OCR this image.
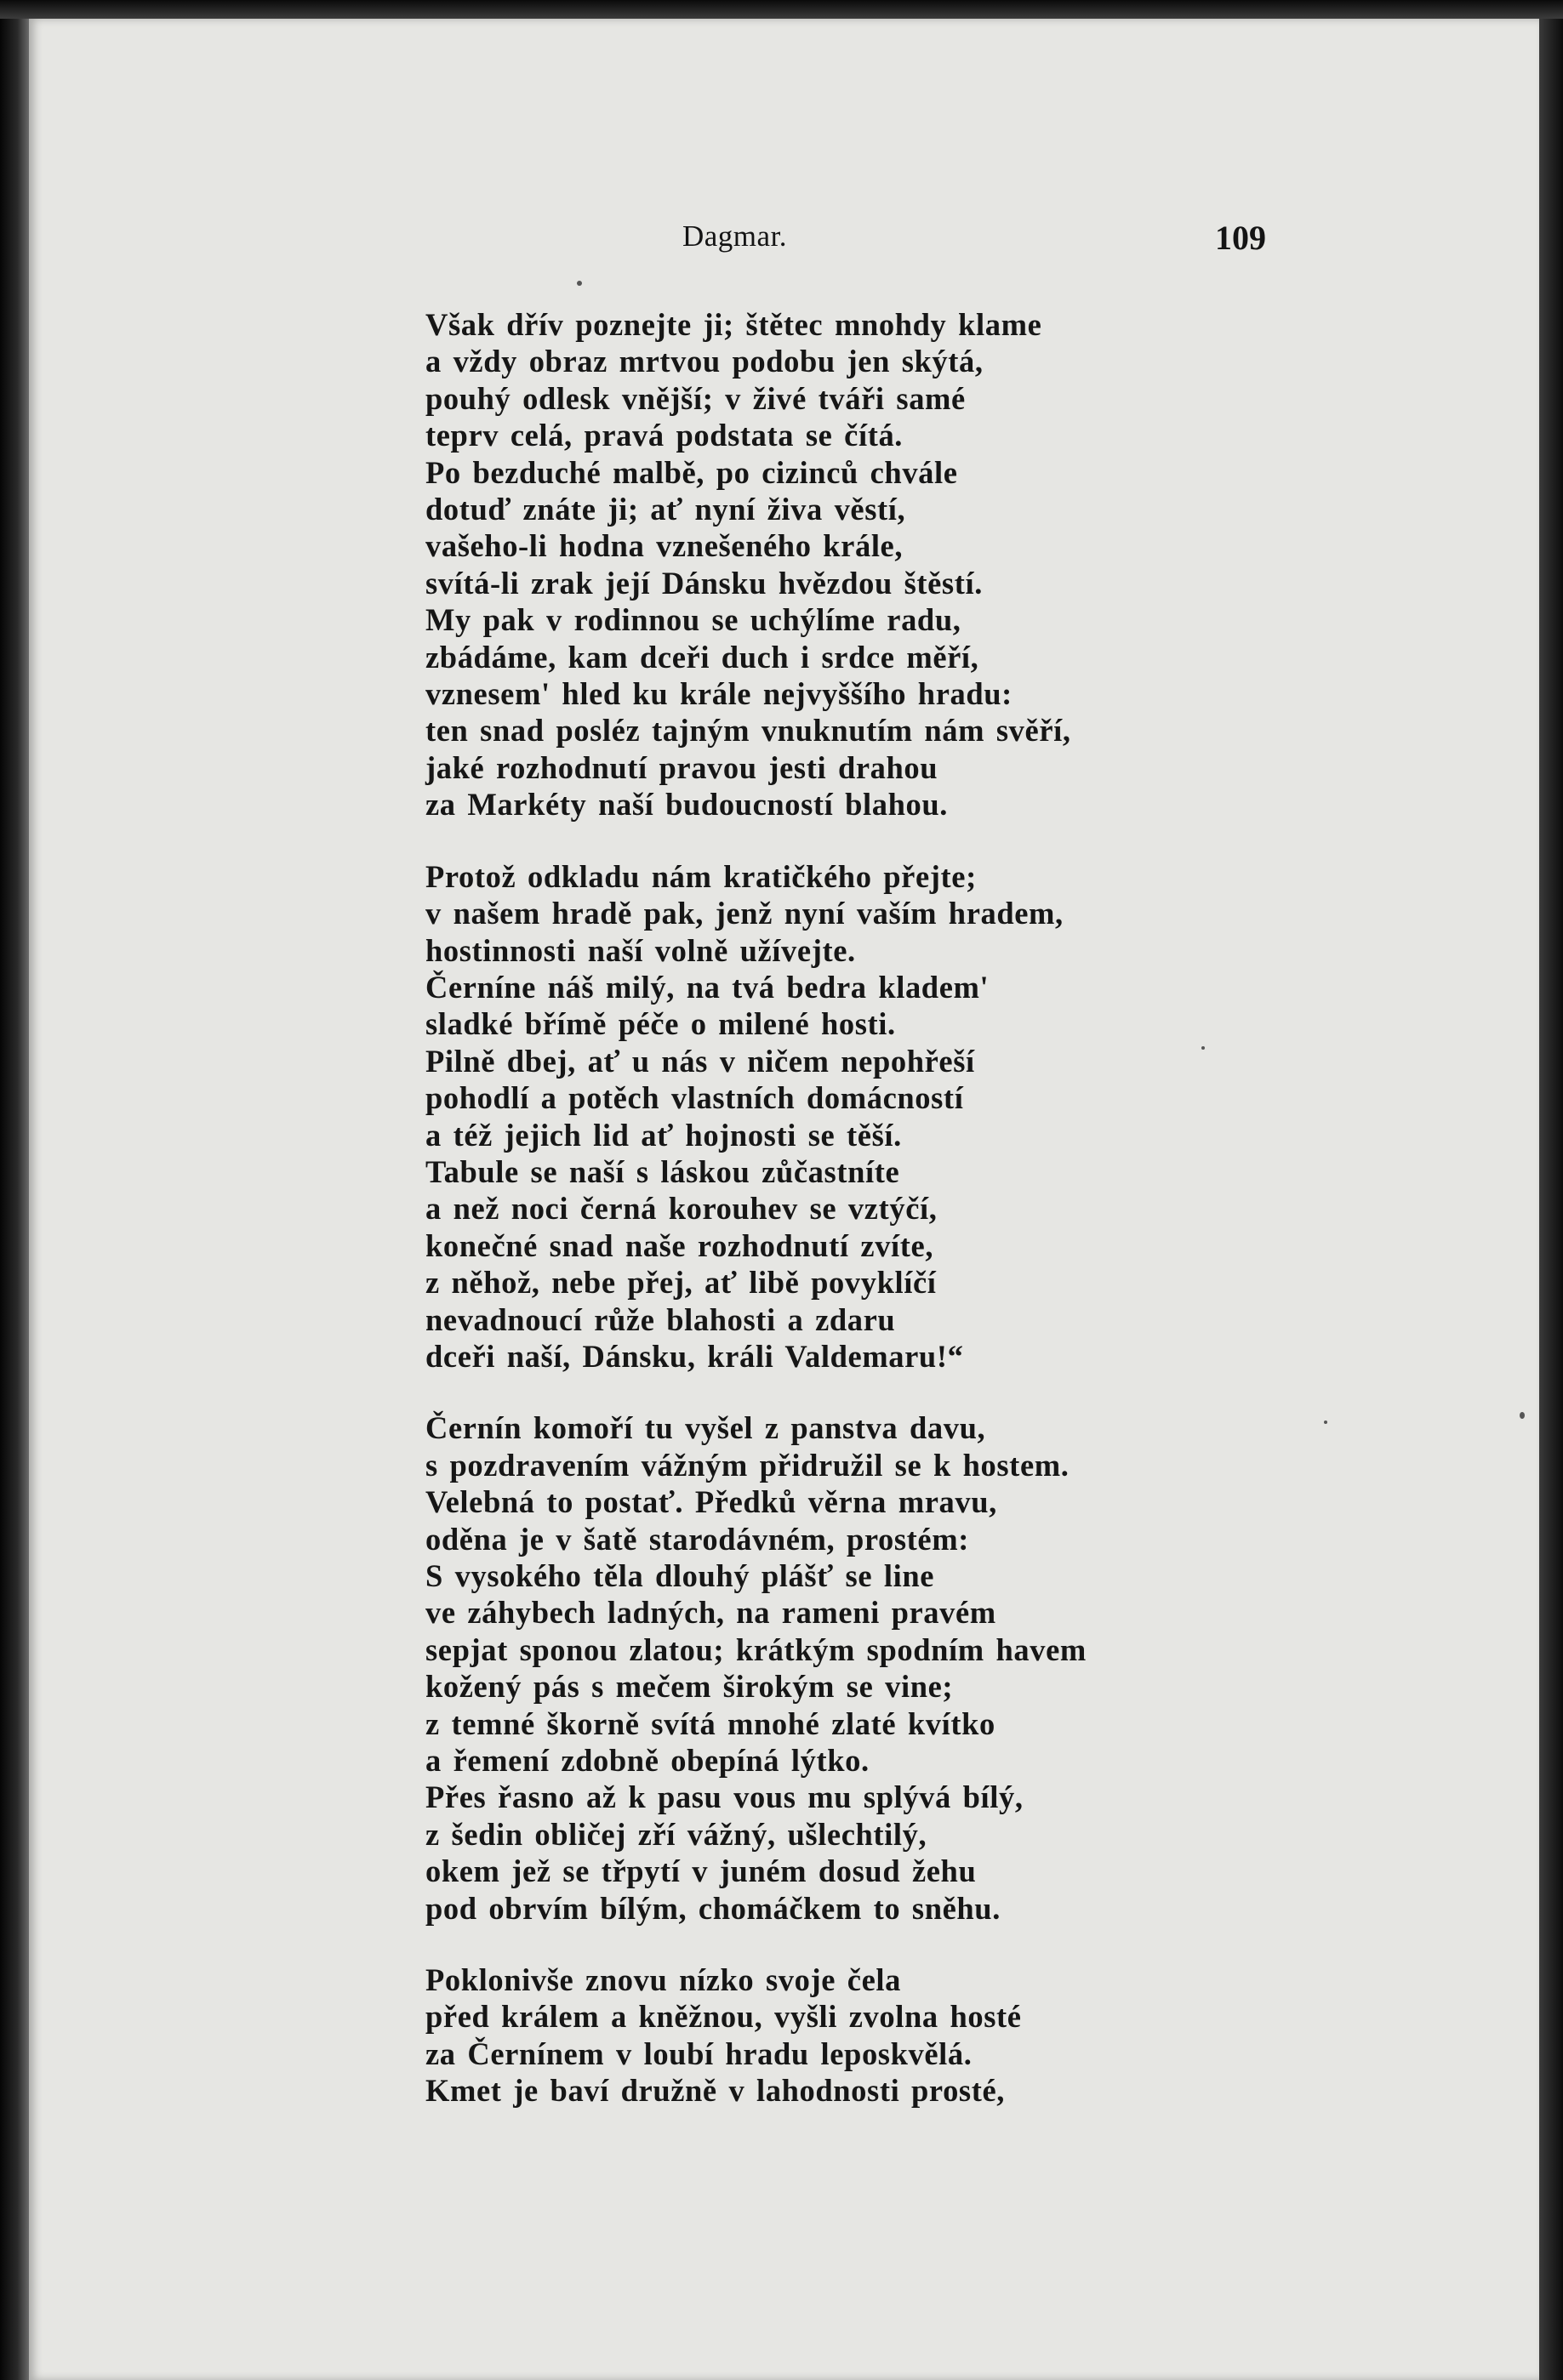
Dagmar.	109
Však dřív poznejte ji; štětec mnohdy klame
a vždy obraz mrtvou podobu jen skýtá,
pouhý odlesk vnější; v živé tváři samé
teprv celá, pravá podstata se čítá.
Po bezduché malbě, po cizinců chvále
dotuď znáte ji; ať nyní živa věstí,
vašeho-li hodna vznešeného krále,
svítá-li zrak její Dánsku hvězdou štěstí.
My pak v rodinnou se uchýlíme radu,
zbádáme, kam dceři duch i srdce měří,
vznesem' hled ku krále nejvyššího hradu:
ten snad posléz tajným vnuknutím nám svěří,
jaké rozhodnutí pravou jesti drahou
za Markéty naší budoucností blahou.
Protož odkladu nám kratičkého přejte;
v našem hradě pak, jenž nyní vaším hradem,
hostinnosti naší volně užívejte.
Černíne náš milý, na tvá bedra kladem'
sladké břímě péče o milené hosti.
Pilně dbej, ať u nás v ničem nepohřeší
pohodlí a potěch vlastních domácností
a též jejich lid ať hojnosti se těší.
Tabule se naší s láskou zůčastníte
a než noci černá korouhev se vztýčí,
konečné snad naše rozhodnutí zvíte,
z něhož, nebe přej, ať libě povyklíčí
nevadnoucí růže blahosti a zdaru
dceři naší, Dánsku, králi Valdemaru!“
Černín komoří tu vyšel z panstva davu,
s pozdravením vážným přidružil se k hostem.
Velebná to postať. Předků věrna mravu,
oděna je v šatě starodávném, prostém:
S vysokého těla dlouhý plášť se line
ve záhybech ladných, na rameni pravém
sepjat sponou zlatou; krátkým spodním havem
kožený pás s mečem širokým se vine;
z temné škorně svítá mnohé zlaté kvítko
a řemení zdobně obepíná lýtko.
Přes řasno až k pasu vous mu splývá bílý,
z šedin obličej zří vážný, ušlechtilý,
okem jež se třpytí v juném dosud žehu
pod obrvím bílým, chomáčkem to sněhu.
Poklonivše znovu nízko svoje čela
před králem a kněžnou, vyšli zvolna hosté
za Černínem v loubí hradu leposkvělá.
Kmet je baví družně v lahodnosti prosté,
